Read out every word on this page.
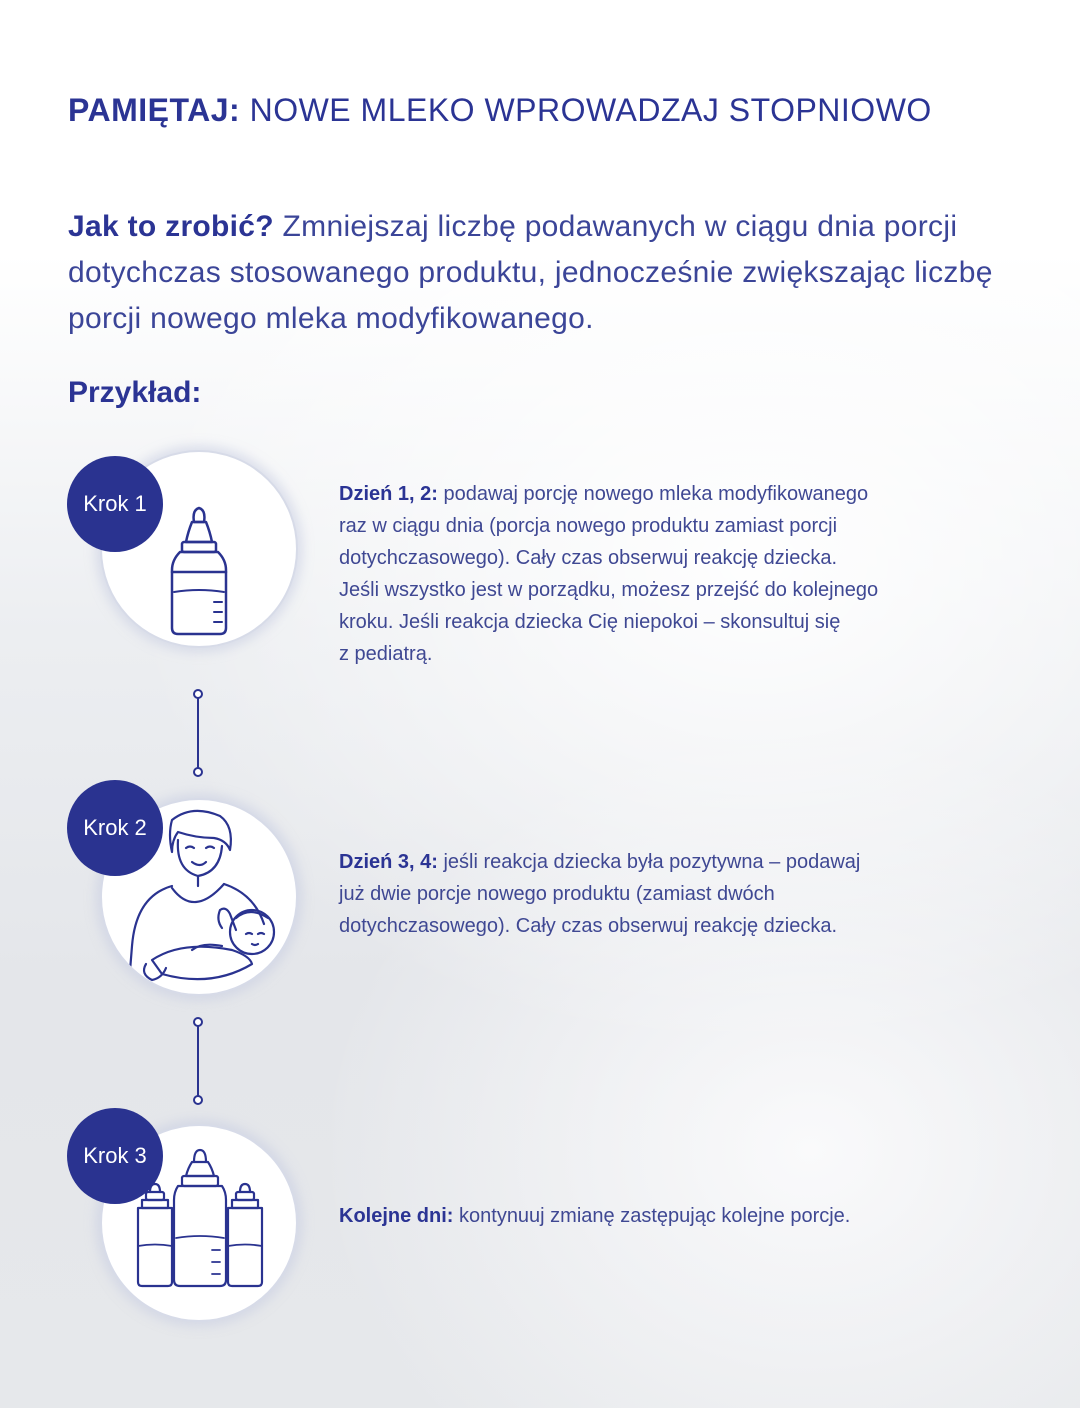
PAMIĘTAJ: NOWE MLEKO WPROWADZAJ STOPNIOWO

Jak to zrobić? Zmniejszaj liczbę podawanych w ciągu dnia porcji dotychczas stosowanego produktu, jednocześnie zwiększając liczbę porcji nowego mleka modyfikowanego.

Przykład:
Krok 1	Dzień 1, 2: podawaj porcję nowego mleka modyfikowanego
raz w ciągu dnia (porcja nowego produktu zamiast porcji
dotychczasowego). Cały czas obserwuj reakcję dziecka.
Jeśli wszystko jest w porządku, możesz przejść do kolejnego
kroku. Jeśli reakcja dziecka Cię niepokoi – skonsultuj się
z pediatrą.

Krok 2

Dzień 3, 4: jeśli reakcja dziecka była pozytywna – podawaj
już dwie porcje nowego produktu (zamiast dwóch
dotychczasowego). Cały czas obserwuj reakcję dziecka.

Krok 3

Kolejne dni: kontynuuj zmianę zastępując kolejne porcje.
